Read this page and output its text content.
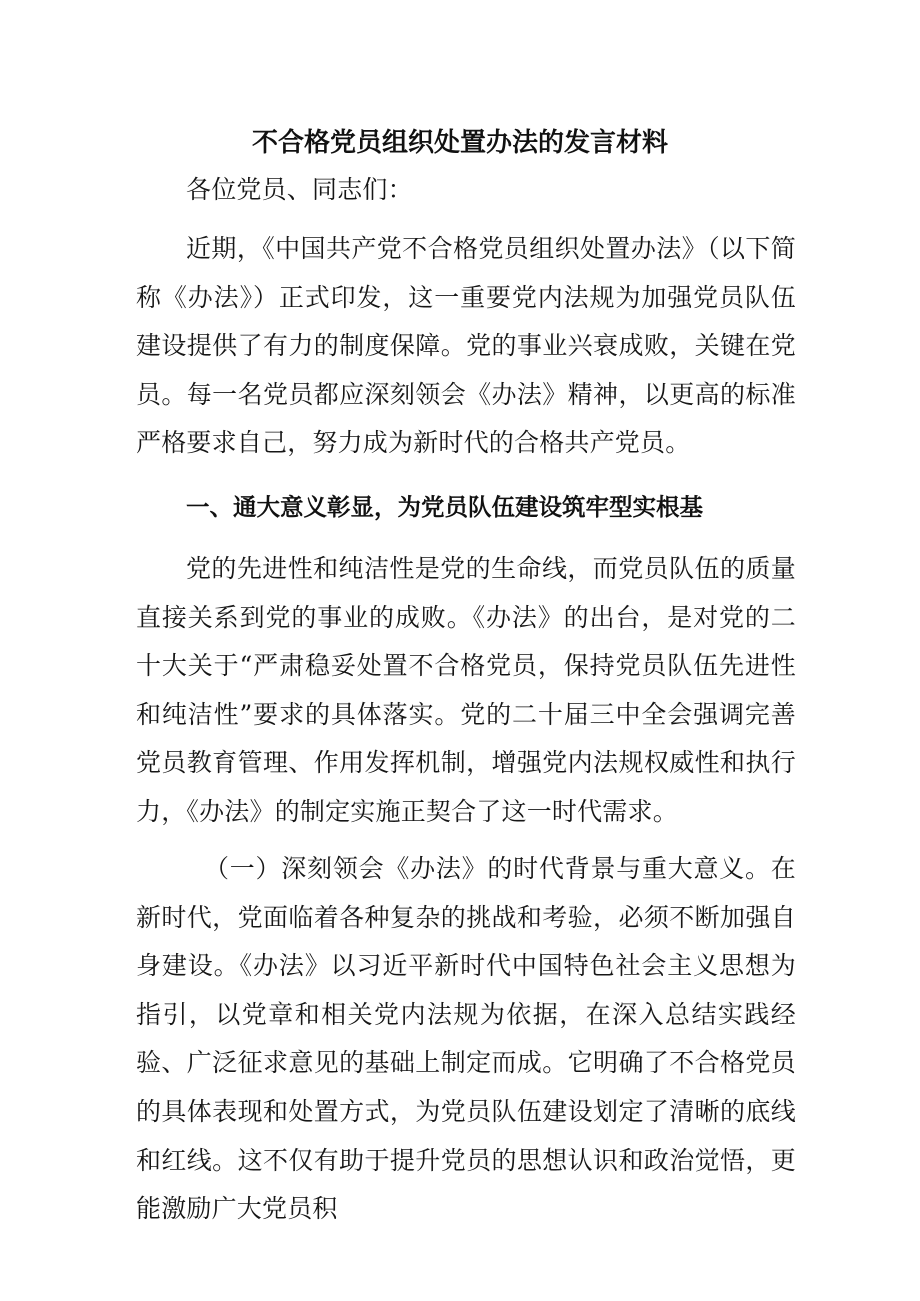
不合格党员组织处置办法的发言材料

各位党员、同志们：

近期，《中国共产党不合格党员组织处置办法》（以下简称《办法》）正式印发，这一重要党内法规为加强党员队伍建设提供了有力的制度保障。党的事业兴衰成败，关键在党员。每一名党员都应深刻领会《办法》精神，以更高的标准严格要求自己，努力成为新时代的合格共产党员。

一、通大意义彰显，为党员队伍建设筑牢型实根基

党的先进性和纯洁性是党的生命线，而党员队伍的质量直接关系到党的事业的成败。《办法》的出台，是对党的二十大关于“严肃稳妥处置不合格党员，保持党员队伍先进性和纯洁性”要求的具体落实。党的二十届三中全会强调完善党员教育管理、作用发挥机制，增强党内法规权威性和执行力，《办法》的制定实施正契合了这一时代需求。

（一）深刻领会《办法》的时代背景与重大意义。在新时代，党面临着各种复杂的挑战和考验，必须不断加强自身建设。《办法》以习近平新时代中国特色社会主义思想为指引，以党章和相关党内法规为依据，在深入总结实践经验、广泛征求意见的基础上制定而成。它明确了不合格党员的具体表现和处置方式，为党员队伍建设划定了清晰的底线和红线。这不仅有助于提升党员的思想认识和政治觉悟，更能激励广大党员积
